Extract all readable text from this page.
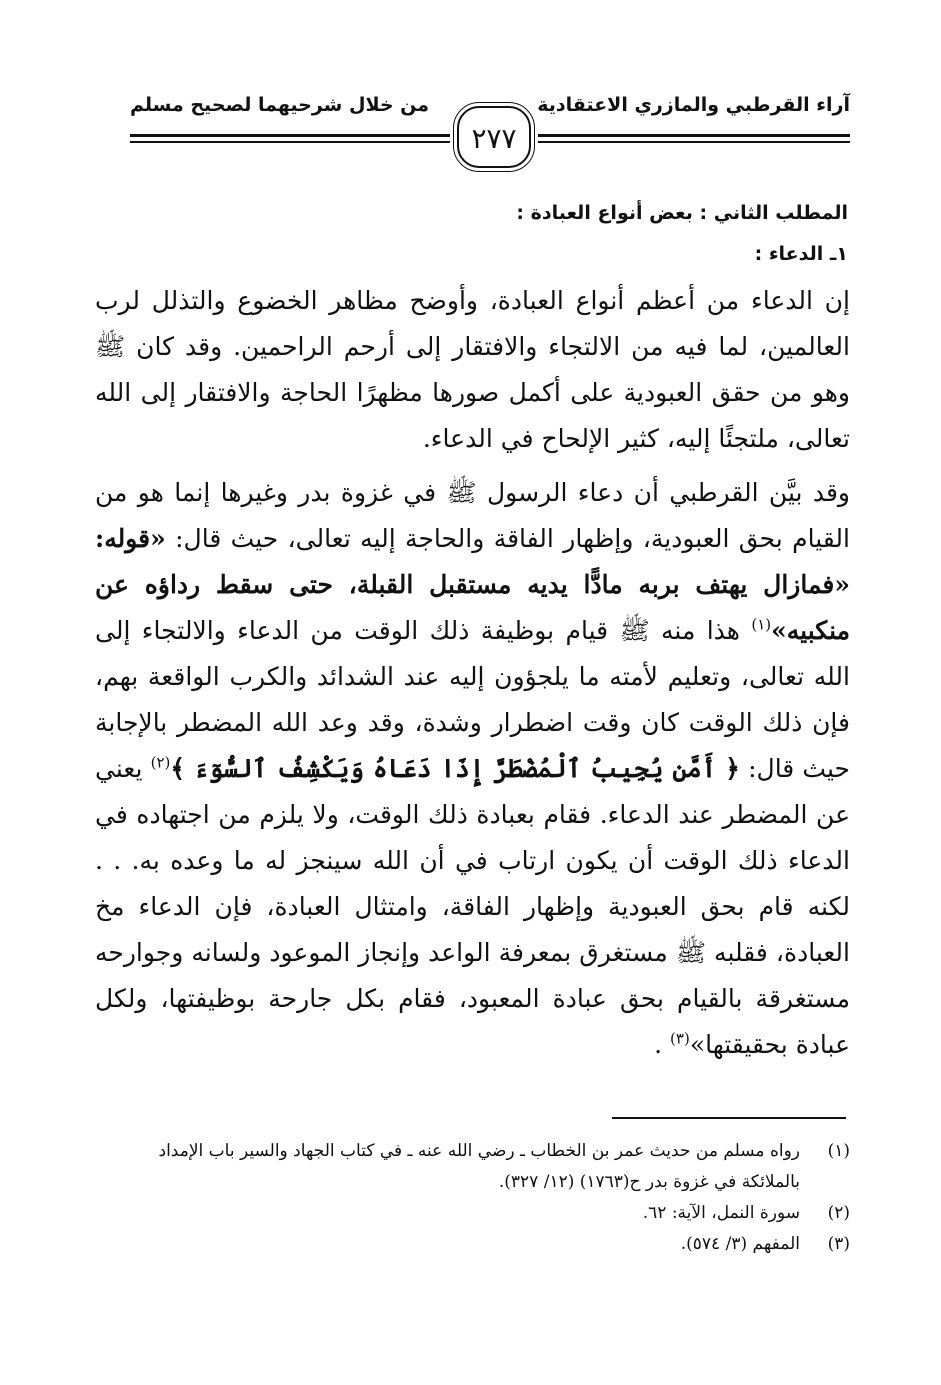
آراء القرطبي والمازري الاعتقادية
من خلال شرحيهما لصحيح مسلم
٢٧٧
المطلب الثاني : بعض أنواع العبادة :
١ـ الدعاء :

إن الدعاء من أعظم أنواع العبادة، وأوضح مظاهر الخضوع والتذلل لرب العالمين، لما فيه من الالتجاء والافتقار إلى أرحم الراحمين. وقد كان ﷺ وهو من حقق العبودية على أكمل صورها مظهرًا الحاجة والافتقار إلى الله تعالى، ملتجئًا إليه، كثير الإلحاح في الدعاء.

وقد بيَّن القرطبي أن دعاء الرسول ﷺ في غزوة بدر وغيرها إنما هو من القيام بحق العبودية، وإظهار الفاقة والحاجة إليه تعالى، حيث قال: «قوله: «فمازال يهتف بربه مادًّا يديه مستقبل القبلة، حتى سقط رداؤه عن منكبيه»$^{(١)}$ هذا منه ﷺ قيام بوظيفة ذلك الوقت من الدعاء والالتجاء إلى الله تعالى، وتعليم لأمته ما يلجؤون إليه عند الشدائد والكرب الواقعة بهم، فإن ذلك الوقت كان وقت اضطرار وشدة، وقد وعد الله المضطر بالإجابة حيث قال: ﴿ أَمَّن يُجِيبُ ٱلْمُضْطَرَّ إِذَا دَعَاهُ وَيَكْشِفُ ٱلسُّوٓءَ ﴾$^{(٢)}$ يعني عن المضطر عند الدعاء. فقام بعبادة ذلك الوقت، ولا يلزم من اجتهاده في الدعاء ذلك الوقت أن يكون ارتاب في أن الله سينجز له ما وعده به. . . لكنه قام بحق العبودية وإظهار الفاقة، وامتثال العبادة، فإن الدعاء مخ العبادة، فقلبه ﷺ مستغرق بمعرفة الواعد وإنجاز الموعود ولسانه وجوارحه مستغرقة بالقيام بحق عبادة المعبود، فقام بكل جارحة بوظيفتها، ولكل عبادة بحقيقتها»$^{(٣)}$ .

(١)
رواه مسلم من حديث عمر بن الخطاب ـ رضي الله عنه ـ في كتاب الجهاد والسير باب الإمداد بالملائكة في غزوة بدر ح(١٧٦٣) (١٢/ ٣٢٧).
(٢)
سورة النمل، الآية: ٦٢.
(٣)
المفهم (٣/ ٥٧٤).
